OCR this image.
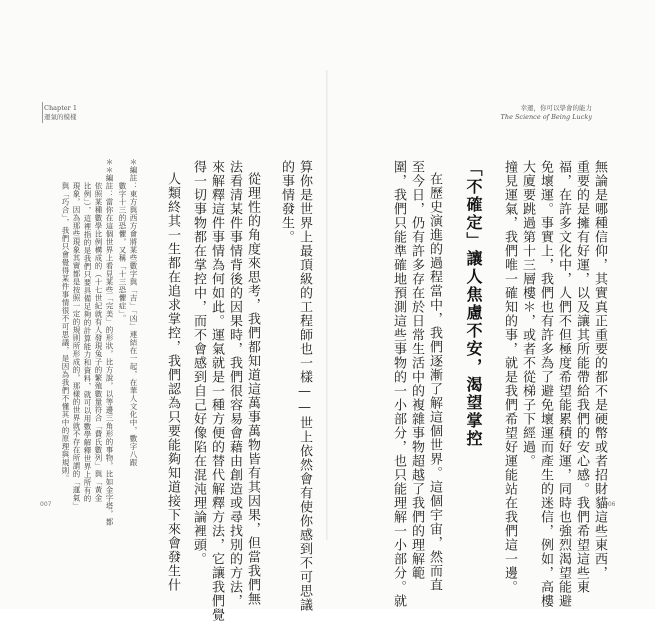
Chapter 1
運氣的模樣
算你是世界上最頂級的工程師也一樣——世上依然會有使你感到不可思議
的事情發生。
從理性的角度來思考，我們都知道這萬事萬物皆有其因果，但當我們無
法看清某件事情背後的因果時，我們很容易會藉由創造或尋找別的方法，
來解釋這件事情為何如此。運氣就是一種方便的替代解釋方法，它讓我們覺
得一切事物都在掌控中，而不會感到自己好像陷在混沌理論裡頭。
人類終其一生都在追求掌控，我們認為只要能夠知道接下來會發生什
＊編註：東方與西方會將某些數字與「吉」「凶」連結在一起，在華人文化中，數字八跟
　　　數字十三的恐懼，又稱「十三恐懼症」。
＊＊編註：當你在這個世界上看見某些「完美」的形狀，比方說，以等邊三角形的事物，比如金字塔，都
　　　依照某種數學比例構成的（十七世紀就有人發現兔子的繁殖數量符合「費氏數列」與「黃金
　　　比例」），這裡指的是我們只要具備足夠的計算能力和資料，就可以用數學解釋世界上所有的
　　　現象，因為那些現象其實都是按照一定的規則所形成的，那樣的世界就不存在所謂的「運氣」
　　　與「巧合」，我們只會覺得某件事情很不可思議，是因為我們不懂其中的原理與規則。
007
幸運，你可以學會的能力
The Science of Being Lucky
無論是哪種信仰，其實真正重要的都不是硬幣或者招財貓這些東西，
重要的是擁有好運，以及讓其所能帶給我們的安心感。我們希望這些東
福，在許多文化中，人們不但極度希望能累積好運，同時也強烈渴望能避
免壞運。事實上，我們也有許多為了避免壞運而產生的迷信，例如，高樓
大廈要跳過第十三層樓＊，或者不從梯子下經過。
撞見運氣，我們唯一確知的事，就是我們希望好運能站在我們這一邊。
「不確定」讓人焦慮不安，渴望掌控
在歷史演進的過程當中，我們逐漸了解這個世界。這個宇宙，然而直
至今日，仍有許多存在於日常生活中的複雜事物超越了我們的理解範
圍，我們只能準確地預測這些事物的一小部分，也只能理解一小部分。就	006
